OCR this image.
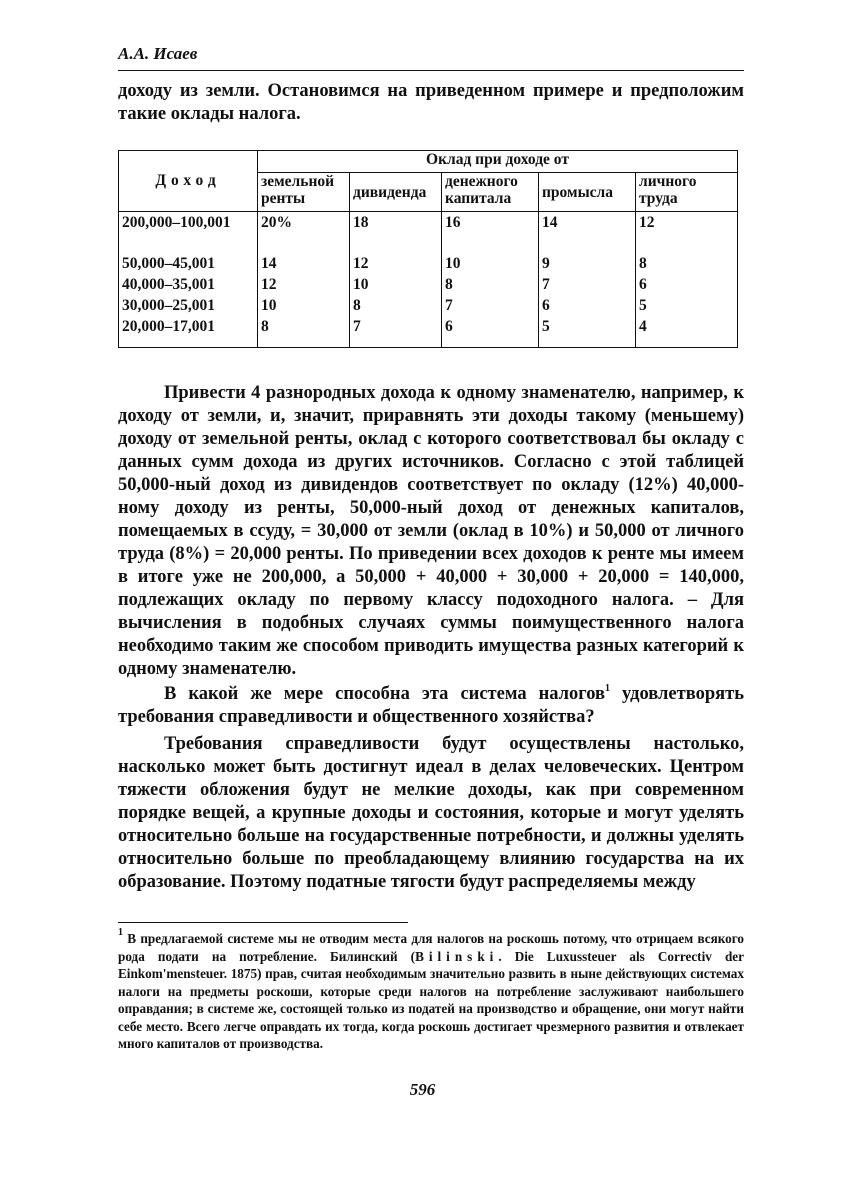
А.А. Исаев

доходу из земли. Остановимся на приведенном примере и предположим такие оклады налога.

Доход	Оклад при доходе от				
	земельной ренты	дивиденда	денежного капитала	промысла	личного труда
200,000–100,001	20%	18	16	14	12

50,000–45,001	14	12	10	9	8
40,000–35,001	12	10	8	7	6
30,000–25,001	10	8	7	6	5
20,000–17,001	8	7	6	5	4

Привести 4 разнородных дохода к одному знаменателю, например, к доходу от земли, и, значит, приравнять эти доходы такому (меньшему) доходу от земельной ренты, оклад с которого соответствовал бы окладу с данных сумм дохода из других источников. Согласно с этой таблицей 50,000-ный доход из дивидендов соответствует по окладу (12%) 40,000-ному доходу из ренты, 50,000-ный доход от денежных капиталов, помещаемых в ссуду, = 30,000 от земли (оклад в 10%) и 50,000 от личного труда (8%) = 20,000 ренты. По приведении всех доходов к ренте мы имеем в итоге уже не 200,000, а 50,000 + 40,000 + 30,000 + 20,000 = 140,000, подлежащих окладу по первому классу подоходного налога. – Для вычисления в подобных случаях суммы поимущественного налога необходимо таким же способом приводить имущества разных категорий к одному знаменателю.

В какой же мере способна эта система налогов$^1$ удовлетворять требования справедливости и общественного хозяйства?

Требования справедливости будут осуществлены настолько, насколько может быть достигнут идеал в делах человеческих. Центром тяжести обложения будут не мелкие доходы, как при современном порядке вещей, а крупные доходы и состояния, которые и могут уделять относительно больше на государственные потребности, и должны уделять относительно больше по преобладающему влиянию государства на их образование. Поэтому податные тягости будут распределяемы между

$^1$ В предлагаемой системе мы не отводим места для налогов на роскошь потому, что отрицаем всякого рода подати на потребление. Билинский (Bilinski. Die Luxussteuer als Correctiv der Einkom'mensteuer. 1875) прав, считая необходимым значительно развить в ныне действующих системах налоги на предметы роскоши, которые среди налогов на потребление заслуживают наибольшего оправдания; в системе же, состоящей только из податей на производство и обращение, они могут найти себе место. Всего легче оправдать их тогда, когда роскошь достигает чрезмерного развития и отвлекает много капиталов от производства.

596
